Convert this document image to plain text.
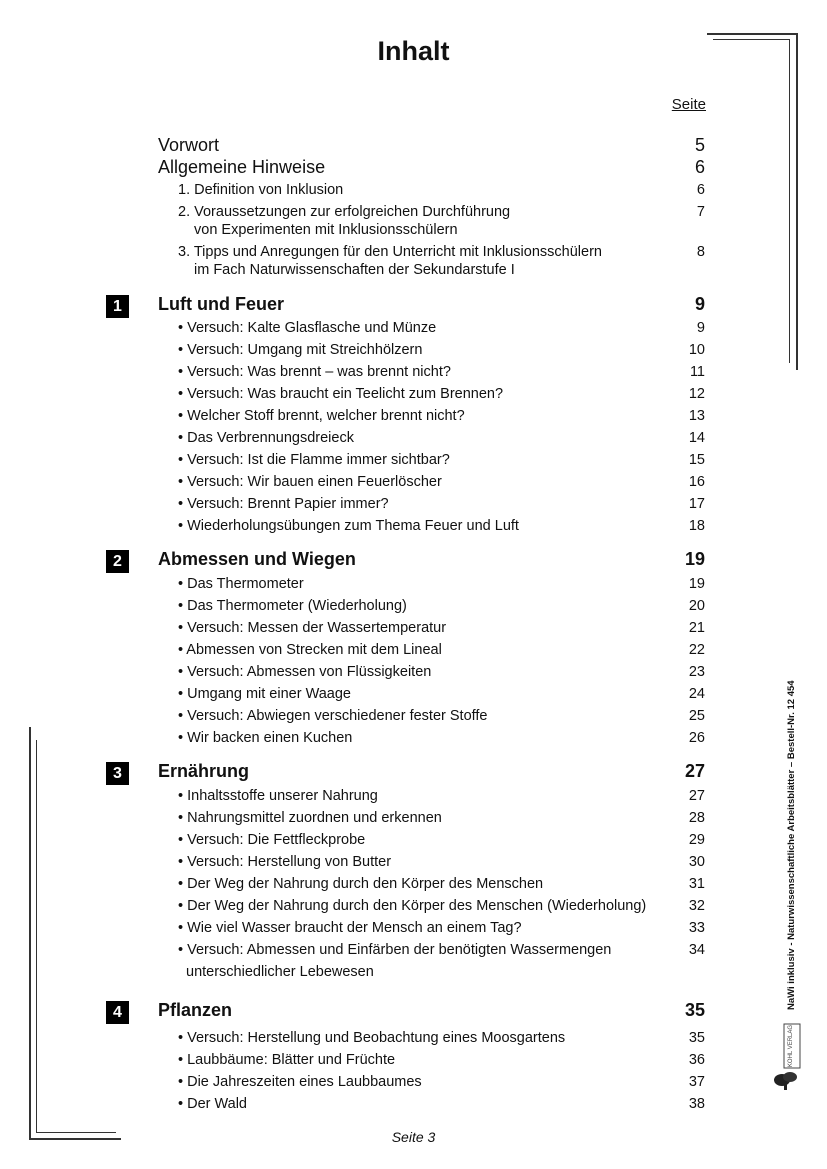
Inhalt
Seite
Vorwort	5
Allgemeine Hinweise	6
1. Definition von Inklusion	6
2. Voraussetzungen zur erfolgreichen Durchführung	7
von Experimenten mit Inklusionsschülern
3. Tipps und Anregungen für den Unterricht mit Inklusionsschülern	8
im Fach Naturwissenschaften der Sekundarstufe I
1	Luft und Feuer	9
• Versuch: Kalte Glasflasche und Münze	9
• Versuch: Umgang mit Streichhölzern	10
• Versuch: Was brennt – was brennt nicht?	11
• Versuch: Was braucht ein Teelicht zum Brennen?	12
• Welcher Stoff brennt, welcher brennt nicht?	13
• Das Verbrennungsdreieck	14
• Versuch: Ist die Flamme immer sichtbar?	15
• Versuch: Wir bauen einen Feuerlöscher	16
• Versuch: Brennt Papier immer?	17
• Wiederholungsübungen zum Thema Feuer und Luft	18
2	Abmessen und Wiegen	19
• Das Thermometer	19
• Das Thermometer (Wiederholung)	20
• Versuch: Messen der Wassertemperatur	21
• Abmessen von Strecken mit dem Lineal	22
• Versuch: Abmessen von Flüssigkeiten	23
• Umgang mit einer Waage	24
• Versuch: Abwiegen verschiedener fester Stoffe	25
• Wir backen einen Kuchen	26
3	Ernährung	27
• Inhaltsstoffe unserer Nahrung	27
• Nahrungsmittel zuordnen und erkennen	28
• Versuch: Die Fettfleckprobe	29
• Versuch: Herstellung von Butter	30
• Der Weg der Nahrung durch den Körper des Menschen	31
• Der Weg der Nahrung durch den Körper des Menschen (Wiederholung)	32
• Wie viel Wasser braucht der Mensch an einem Tag?	33
• Versuch: Abmessen und Einfärben der benötigten Wassermengen	34
unterschiedlicher Lebewesen
4	Pflanzen	35
• Versuch: Herstellung und Beobachtung eines Moosgartens	35
• Laubbäume: Blätter und Früchte	36
• Die Jahreszeiten eines Laubbaumes	37
• Der Wald	38
NaWi inklusiv - Naturwissenschaftliche Arbeitsblätter – Bestell-Nr. 12 454
KOHL VERLAG
Seite 3
